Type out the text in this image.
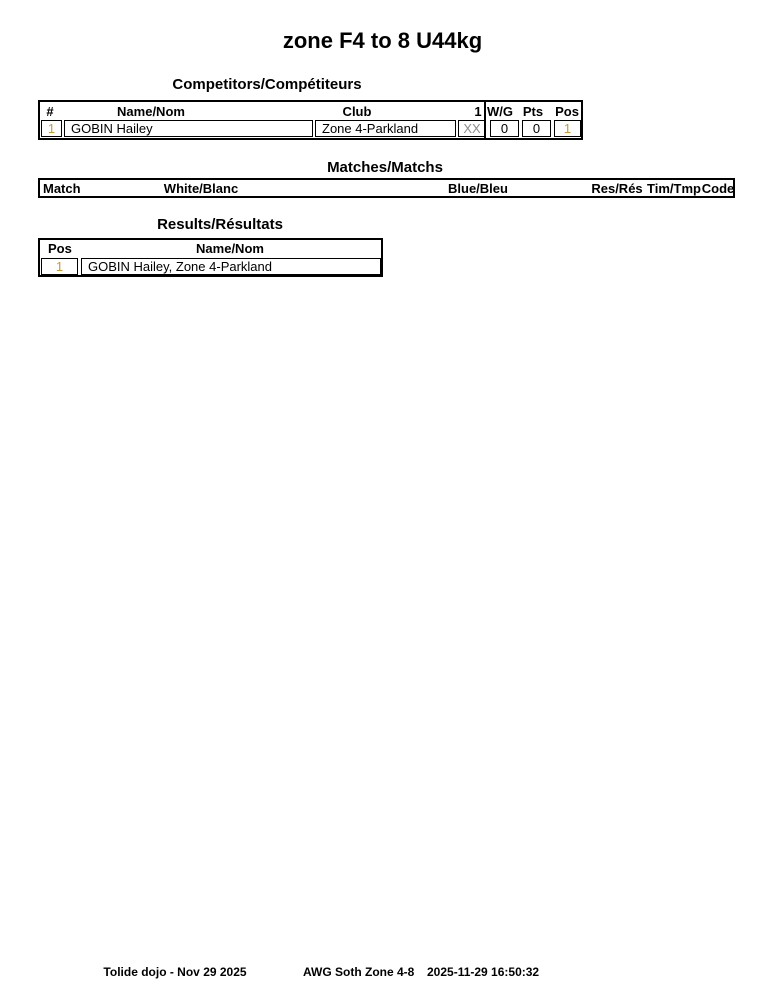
zone F4 to 8 U44kg
Competitors/Compétiteurs
#	Name/Nom	Club	1 W/G Pts Pos
1	GOBIN Hailey	Zone 4-Parkland	XX	0	0	1
Matches/Matchs
Match	White/Blanc	Blue/Bleu	Res/Rés Tim/Tmp Code
Results/Résultats
Pos	Name/Nom
1	GOBIN Hailey, Zone 4-Parkland
Tolide dojo - Nov 29 2025	AWG Soth Zone 4-8 2025-11-29 16:50:32
